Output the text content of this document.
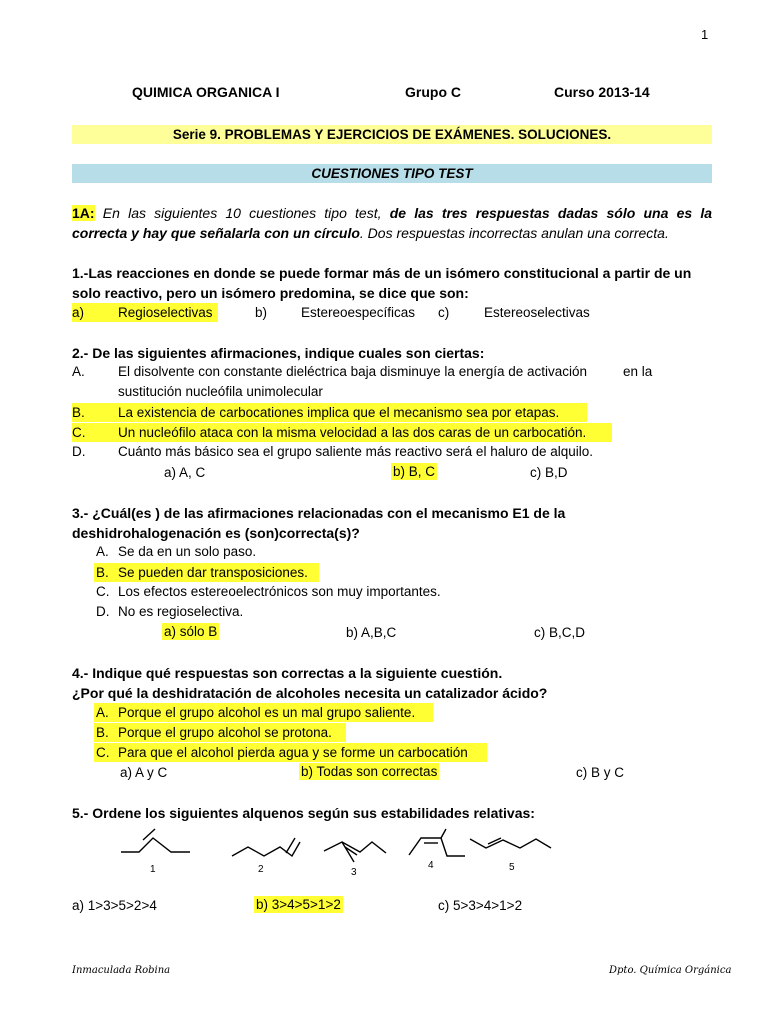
1
QUIMICA ORGANICA I	Grupo C	Curso 2013-14
Serie 9. PROBLEMAS Y EJERCICIOS DE EXÁMENES. SOLUCIONES.
CUESTIONES TIPO TEST
1A: En las siguientes 10 cuestiones tipo test, de las tres respuestas dadas sólo una es la
correcta y hay que señalarla con un círculo. Dos respuestas incorrectas anulan una correcta.
1.-Las reacciones en donde se puede formar más de un isómero constitucional a partir de un
solo reactivo, pero un isómero predomina, se dice que son:
a)	Regioselectivas	b)	Estereoespecíficas c)	Estereoselectivas
2.- De las siguientes afirmaciones, indique cuales son ciertas:
A. El disolvente con constante dieléctrica baja disminuye la energía de activación	en la
sustitución nucleófila unimolecular
B. La existencia de carbocationes implica que el mecanismo sea por etapas.
C. Un nucleófilo ataca con la misma velocidad a las dos caras de un carbocatión.
D. Cuánto más básico sea el grupo saliente más reactivo será el haluro de alquilo.
a) A, C	b) B, C	c) B,D
3.- ¿Cuál(es ) de las afirmaciones relacionadas con el mecanismo E1 de la
deshidrohalogenación es (son)correcta(s)?
A. Se da en un solo paso.
B. Se pueden dar transposiciones.
C. Los efectos estereoelectrónicos son muy importantes.
D. No es regioselectiva.
a) sólo B	b) A,B,C	c) B,C,D
4.- Indique qué respuestas son correctas a la siguiente cuestión.
¿Por qué la deshidratación de alcoholes necesita un catalizador ácido?
A. Porque el grupo alcohol es un mal grupo saliente.
B. Porque el grupo alcohol se protona.
C. Para que el alcohol pierda agua y se forme un carbocatión
a) A y C	b) Todas son correctas	c) B y C
5.- Ordene los siguientes alquenos según sus estabilidades relativas:
1	2	3
4	5
a) 1>3>5>2>4	b) 3>4>5>1>2	c) 5>3>4>1>2
Inmaculada Robina	Dpto. Química Orgánica
